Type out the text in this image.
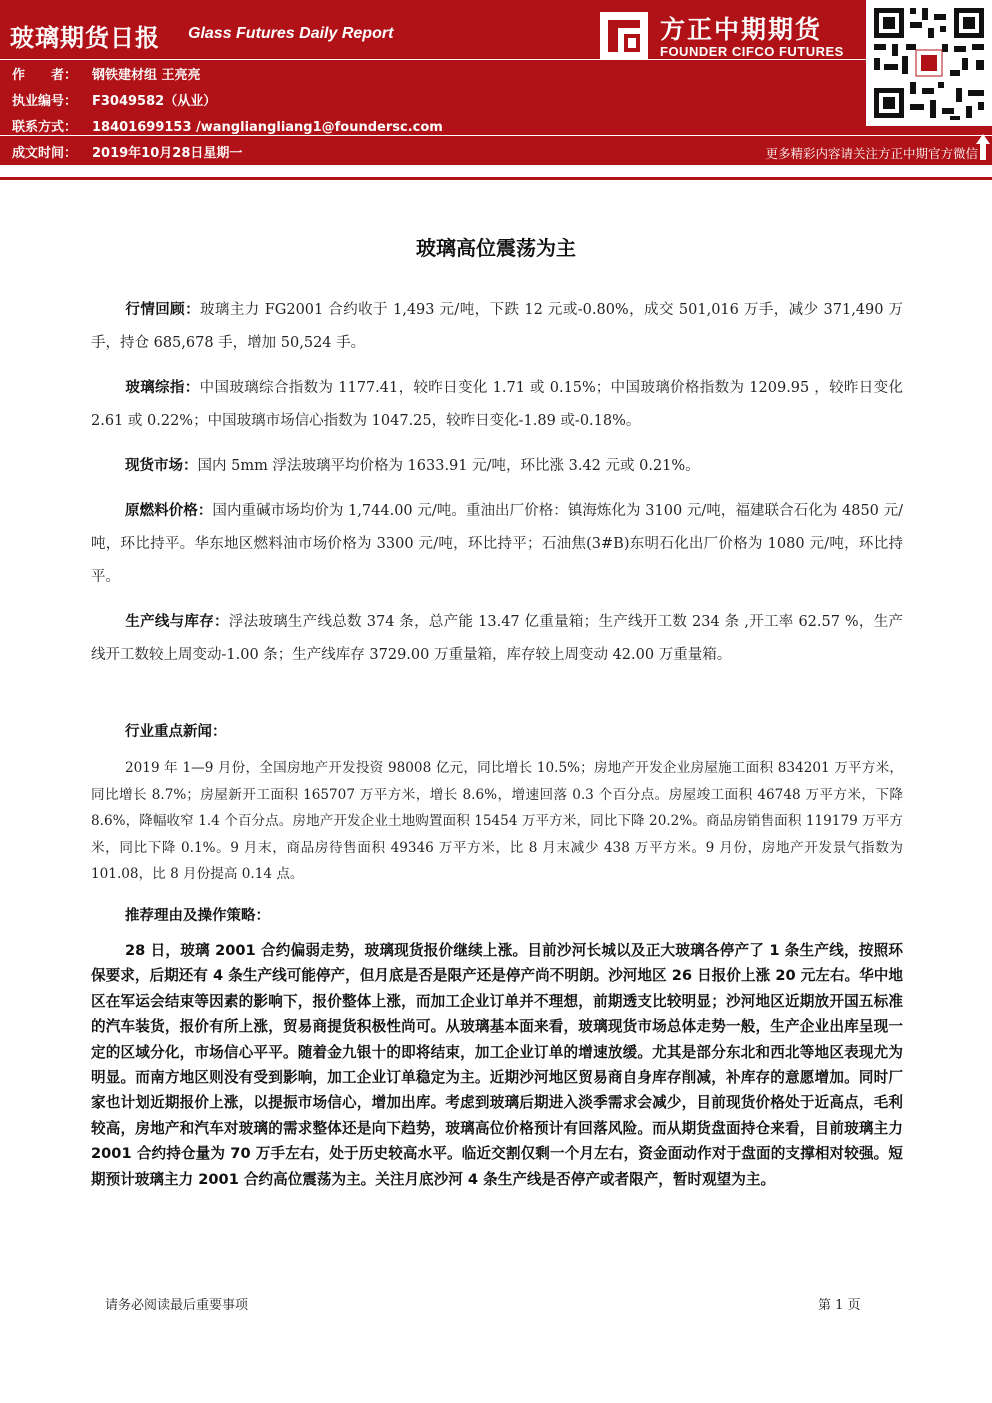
玻璃期货日报 Glass Futures Daily Report
作　　者： 钢铁建材组 王亮亮
执业编号： F3049582（从业）
联系方式： 18401699153 /wangliangliang1@foundersc.com
成文时间： 2019年10月28日星期一
方正中期期货
FOUNDER CIFCO FUTURES
更多精彩内容请关注方正中期官方微信
玻璃高位震荡为主
行情回顾：玻璃主力 FG2001 合约收于 1,493 元/吨，下跌 12 元或-0.80%，成交 501,016 万手，减少 371,490 万手，持仓 685,678 手，增加 50,524 手。
玻璃综指：中国玻璃综合指数为 1177.41，较昨日变化 1.71 或 0.15%；中国玻璃价格指数为 1209.95 ，较昨日变化 2.61 或 0.22%；中国玻璃市场信心指数为 1047.25，较昨日变化-1.89 或-0.18%。
现货市场：国内 5mm 浮法玻璃平均价格为 1633.91 元/吨，环比涨 3.42 元或 0.21%。
原燃料价格：国内重碱市场均价为 1,744.00 元/吨。重油出厂价格：镇海炼化为 3100 元/吨，福建联合石化为 4850 元/吨，环比持平。华东地区燃料油市场价格为 3300 元/吨，环比持平；石油焦(3#B)东明石化出厂价格为 1080 元/吨，环比持平。
生产线与库存：浮法玻璃生产线总数 374 条，总产能 13.47 亿重量箱；生产线开工数 234 条 ,开工率 62.57 %，生产线开工数较上周变动-1.00 条；生产线库存 3729.00 万重量箱，库存较上周变动 42.00 万重量箱。
行业重点新闻：
2019 年 1—9 月份，全国房地产开发投资 98008 亿元，同比增长 10.5%；房地产开发企业房屋施工面积 834201 万平方米，同比增长 8.7%；房屋新开工面积 165707 万平方米，增长 8.6%，增速回落 0.3 个百分点。房屋竣工面积 46748 万平方米，下降 8.6%，降幅收窄 1.4 个百分点。房地产开发企业土地购置面积 15454 万平方米，同比下降 20.2%。商品房销售面积 119179 万平方米，同比下降 0.1%。9 月末，商品房待售面积 49346 万平方米，比 8 月末减少 438 万平方米。9 月份，房地产开发景气指数为 101.08，比 8 月份提高 0.14 点。
推荐理由及操作策略：
28 日，玻璃 2001 合约偏弱走势，玻璃现货报价继续上涨。目前沙河长城以及正大玻璃各停产了 1 条生产线，按照环保要求，后期还有 4 条生产线可能停产，但月底是否是限产还是停产尚不明朗。沙河地区 26 日报价上涨 20 元左右。华中地区在军运会结束等因素的影响下，报价整体上涨，而加工企业订单并不理想，前期透支比较明显；沙河地区近期放开国五标准的汽车装货，报价有所上涨，贸易商提货积极性尚可。从玻璃基本面来看，玻璃现货市场总体走势一般，生产企业出库呈现一定的区域分化，市场信心平平。随着金九银十的即将结束，加工企业订单的增速放缓。尤其是部分东北和西北等地区表现尤为明显。而南方地区则没有受到影响，加工企业订单稳定为主。近期沙河地区贸易商自身库存削减，补库存的意愿增加。同时厂家也计划近期报价上涨，以提振市场信心，增加出库。考虑到玻璃后期进入淡季需求会减少，目前现货价格处于近高点，毛利较高，房地产和汽车对玻璃的需求整体还是向下趋势，玻璃高位价格预计有回落风险。而从期货盘面持仓来看，目前玻璃主力 2001 合约持仓量为 70 万手左右，处于历史较高水平。临近交割仅剩一个月左右，资金面动作对于盘面的支撑相对较强。短期预计玻璃主力 2001 合约高位震荡为主。关注月底沙河 4 条生产线是否停产或者限产，暂时观望为主。
请务必阅读最后重要事项	第 1 页
